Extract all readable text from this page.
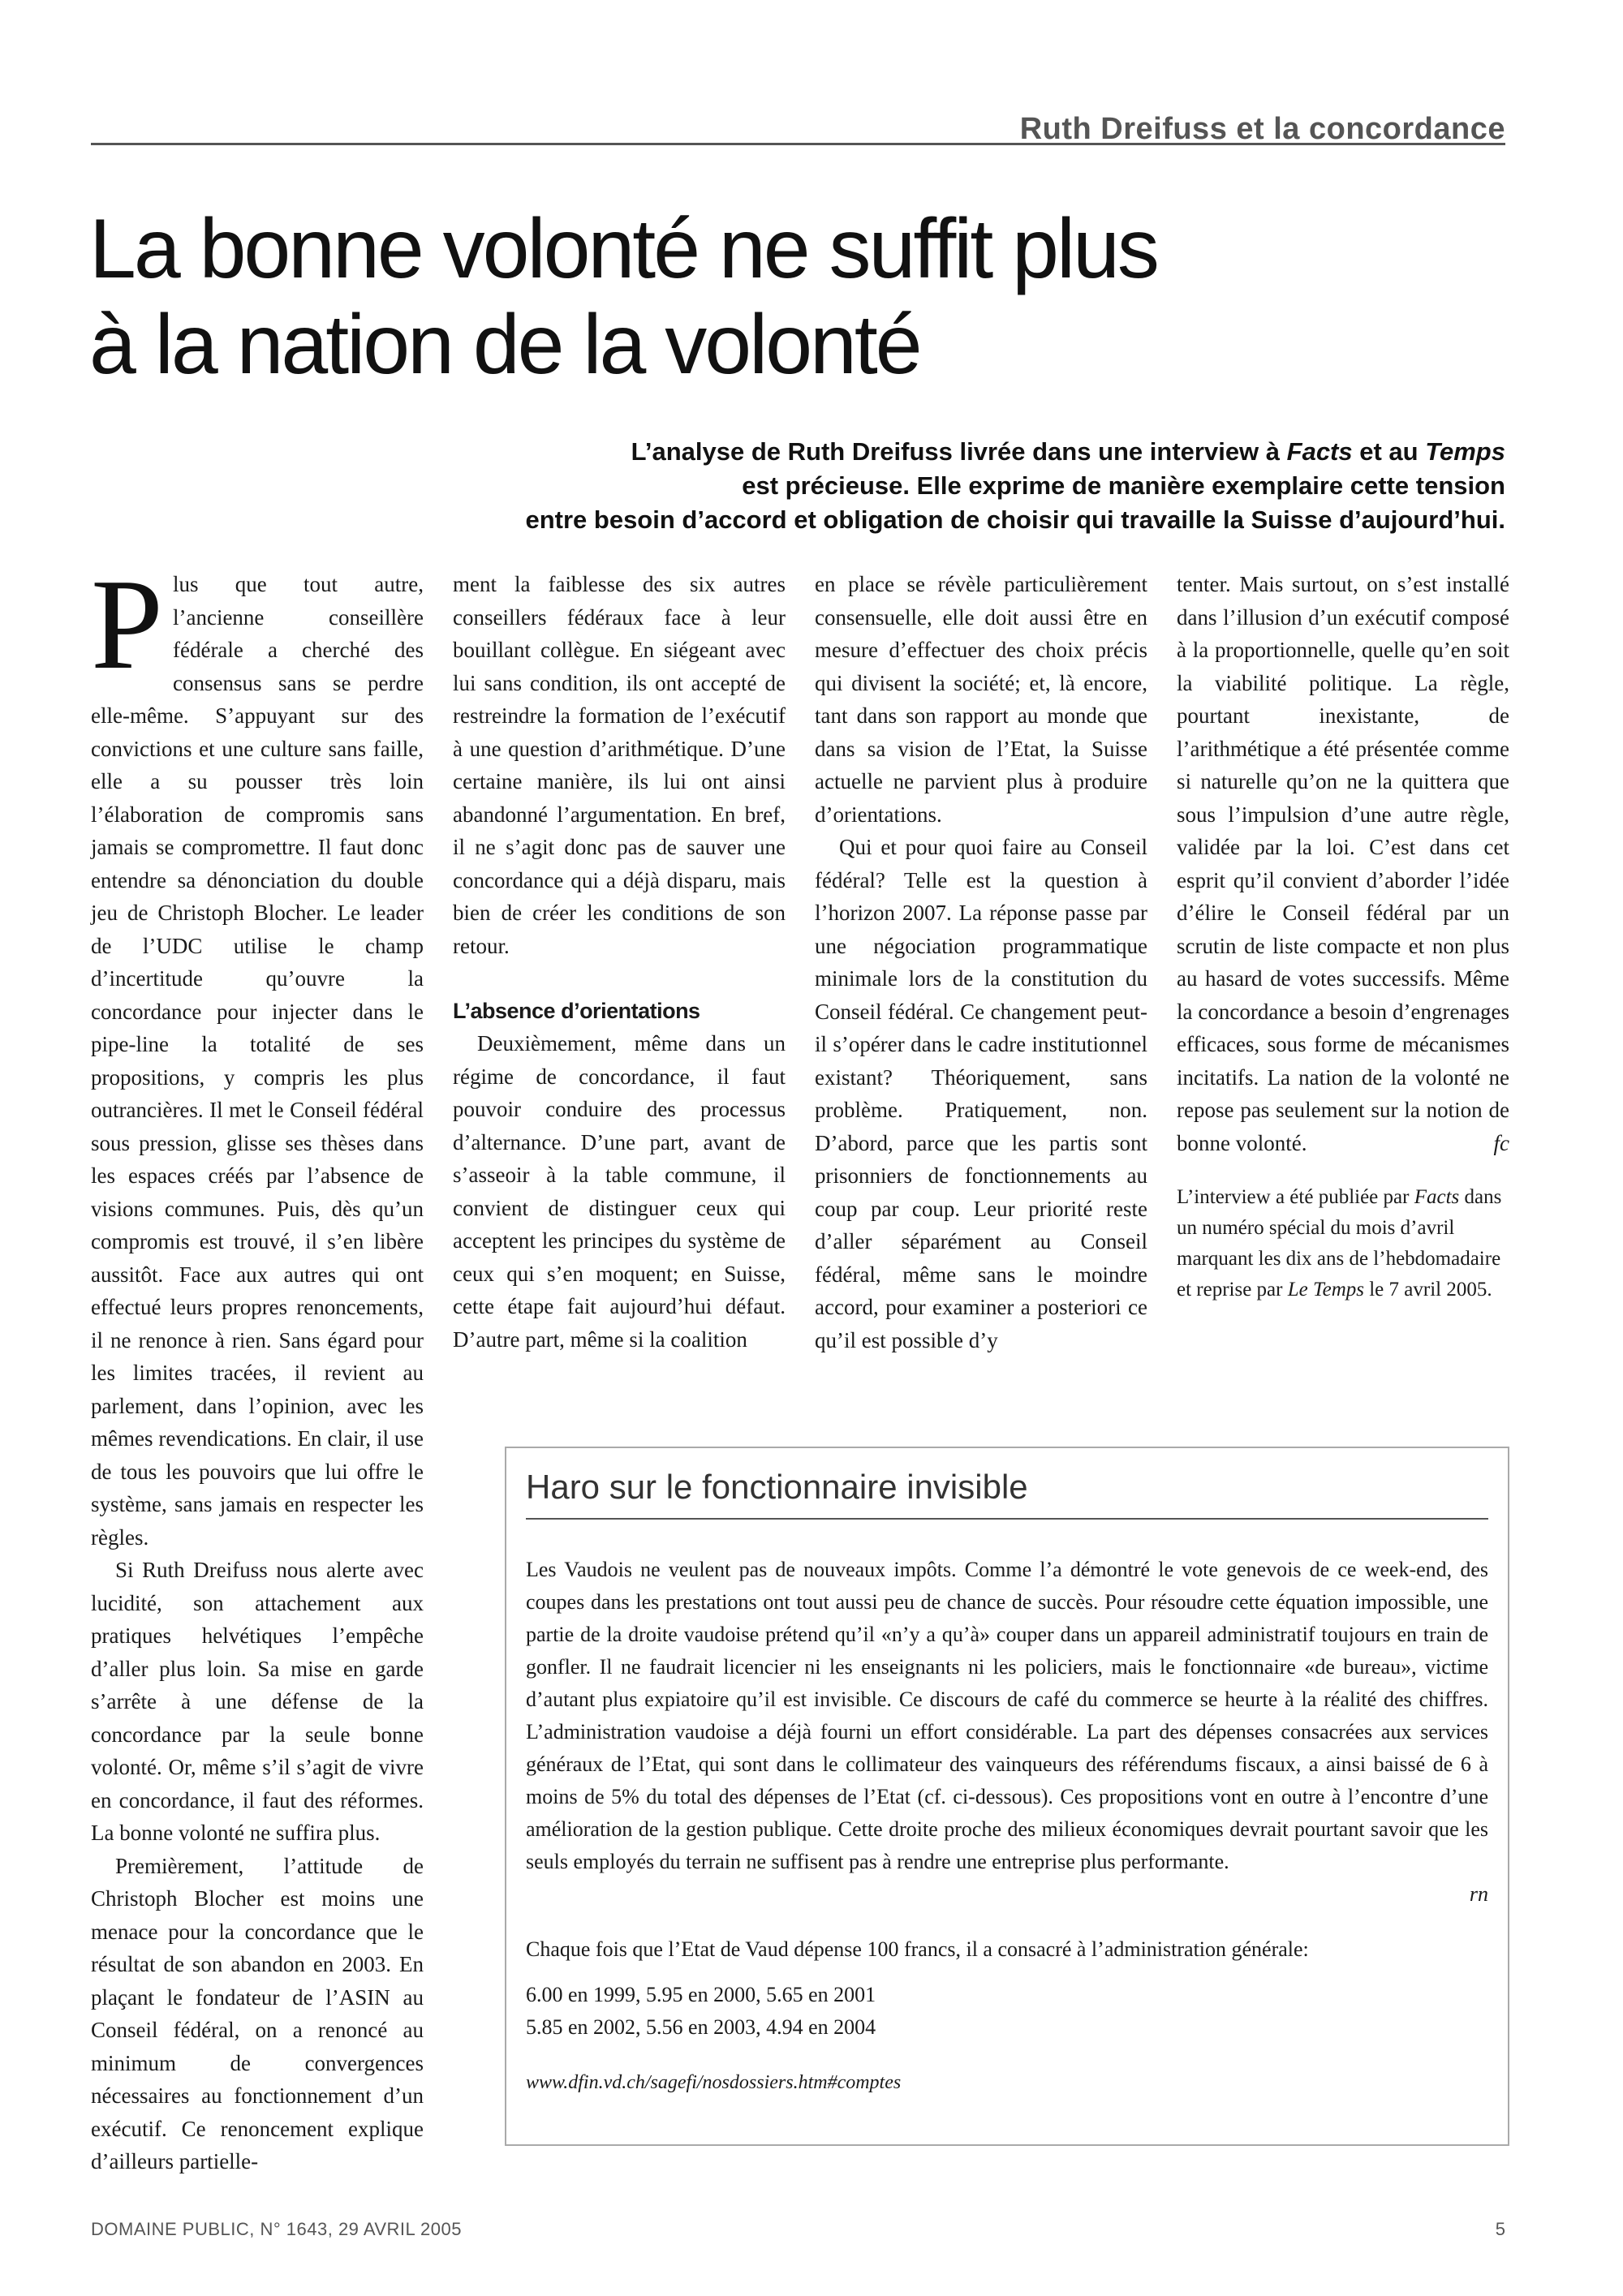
Ruth Dreifuss et la concordance
La bonne volonté ne suffit plus
à la nation de la volonté
L’analyse de Ruth Dreifuss livrée dans une interview à Facts et au Temps
est précieuse. Elle exprime de manière exemplaire cette tension
entre besoin d’accord et obligation de choisir qui travaille la Suisse d’aujourd’hui.

Plus que tout autre, l’ancienne conseillère fédérale a cherché des consensus sans se perdre elle-même. S’appuyant sur des convictions et une culture sans faille, elle a su pousser très loin l’élaboration de compromis sans jamais se compromettre. Il faut donc entendre sa dénonciation du double jeu de Christoph Blocher. Le leader de l’UDC utilise le champ d’incertitude qu’ouvre la concordance pour injecter dans le pipe-line la totalité de ses propositions, y compris les plus outrancières. Il met le Conseil fédéral sous pression, glisse ses thèses dans les espaces créés par l’absence de visions communes. Puis, dès qu’un compromis est trouvé, il s’en libère aussitôt. Face aux autres qui ont effectué leurs propres renoncements, il ne renonce à rien. Sans égard pour les limites tracées, il revient au parlement, dans l’opinion, avec les mêmes revendications. En clair, il use de tous les pouvoirs que lui offre le système, sans jamais en respecter les règles.

Si Ruth Dreifuss nous alerte avec lucidité, son attachement aux pratiques helvétiques l’empêche d’aller plus loin. Sa mise en garde s’arrête à une défense de la concordance par la seule bonne volonté. Or, même s’il s’agit de vivre en concordance, il faut des réformes. La bonne volonté ne suffira plus.

Premièrement, l’attitude de Christoph Blocher est moins une menace pour la concordance que le résultat de son abandon en 2003. En plaçant le fondateur de l’ASIN au Conseil fédéral, on a renoncé au minimum de convergences nécessaires au fonctionnement d’un exécutif. Ce renoncement explique d’ailleurs partielle-

ment la faiblesse des six autres conseillers fédéraux face à leur bouillant collègue. En siégeant avec lui sans condition, ils ont accepté de restreindre la formation de l’exécutif à une question d’arithmétique. D’une certaine manière, ils lui ont ainsi abandonné l’argumentation. En bref, il ne s’agit donc pas de sauver une concordance qui a déjà disparu, mais bien de créer les conditions de son retour.

L’absence d’orientations

Deuxièmement, même dans un régime de concordance, il faut pouvoir conduire des processus d’alternance. D’une part, avant de s’asseoir à la table commune, il convient de distinguer ceux qui acceptent les principes du système de ceux qui s’en moquent; en Suisse, cette étape fait aujourd’hui défaut. D’autre part, même si la coalition

en place se révèle particulièrement consensuelle, elle doit aussi être en mesure d’effectuer des choix précis qui divisent la société; et, là encore, tant dans son rapport au monde que dans sa vision de l’Etat, la Suisse actuelle ne parvient plus à produire d’orientations.

Qui et pour quoi faire au Conseil fédéral? Telle est la question à l’horizon 2007. La réponse passe par une négociation programmatique minimale lors de la constitution du Conseil fédéral. Ce changement peut-il s’opérer dans le cadre institutionnel existant? Théoriquement, sans problème. Pratiquement, non. D’abord, parce que les partis sont prisonniers de fonctionnements au coup par coup. Leur priorité reste d’aller séparément au Conseil fédéral, même sans le moindre accord, pour examiner a posteriori ce qu’il est possible d’y

tenter. Mais surtout, on s’est installé dans l’illusion d’un exécutif composé à la proportionnelle, quelle qu’en soit la viabilité politique. La règle, pourtant inexistante, de l’arithmétique a été présentée comme si naturelle qu’on ne la quittera que sous l’impulsion d’une autre règle, validée par la loi. C’est dans cet esprit qu’il convient d’aborder l’idée d’élire le Conseil fédéral par un scrutin de liste compacte et non plus au hasard de votes successifs. Même la concordance a besoin d’engrenages efficaces, sous forme de mécanismes incitatifs. La nation de la volonté ne repose pas seulement sur la notion de bonne volonté.	fc

L’interview a été publiée par Facts dans un numéro spécial du mois d’avril marquant les dix ans de l’hebdomadaire et reprise par Le Temps le 7 avril 2005.
Haro sur le fonctionnaire invisible

Les Vaudois ne veulent pas de nouveaux impôts. Comme l’a démontré le vote genevois de ce week-end, des coupes dans les prestations ont tout aussi peu de chance de succès. Pour résoudre cette équation impossible, une partie de la droite vaudoise prétend qu’il «n’y a qu’à» couper dans un appareil administratif toujours en train de gonfler. Il ne faudrait licencier ni les enseignants ni les policiers, mais le fonctionnaire «de bureau», victime d’autant plus expiatoire qu’il est invisible. Ce discours de café du commerce se heurte à la réalité des chiffres. L’administration vaudoise a déjà fourni un effort considérable. La part des dépenses consacrées aux services généraux de l’Etat, qui sont dans le collimateur des vainqueurs des référendums fiscaux, a ainsi baissé de 6 à moins de 5% du total des dépenses de l’Etat (cf. ci-dessous). Ces propositions vont en outre à l’encontre d’une amélioration de la gestion publique. Cette droite proche des milieux économiques devrait pourtant savoir que les seuls employés du terrain ne suffisent pas à rendre une entreprise plus performante.

rn

Chaque fois que l’Etat de Vaud dépense 100 francs, il a consacré à l’administration générale:

6.00 en 1999, 5.95 en 2000, 5.65 en 2001

5.85 en 2002, 5.56 en 2003, 4.94 en 2004

www.dfin.vd.ch/sagefi/nosdossiers.htm#comptes

DOMAINE PUBLIC, N° 1643, 29 AVRIL 2005	5
